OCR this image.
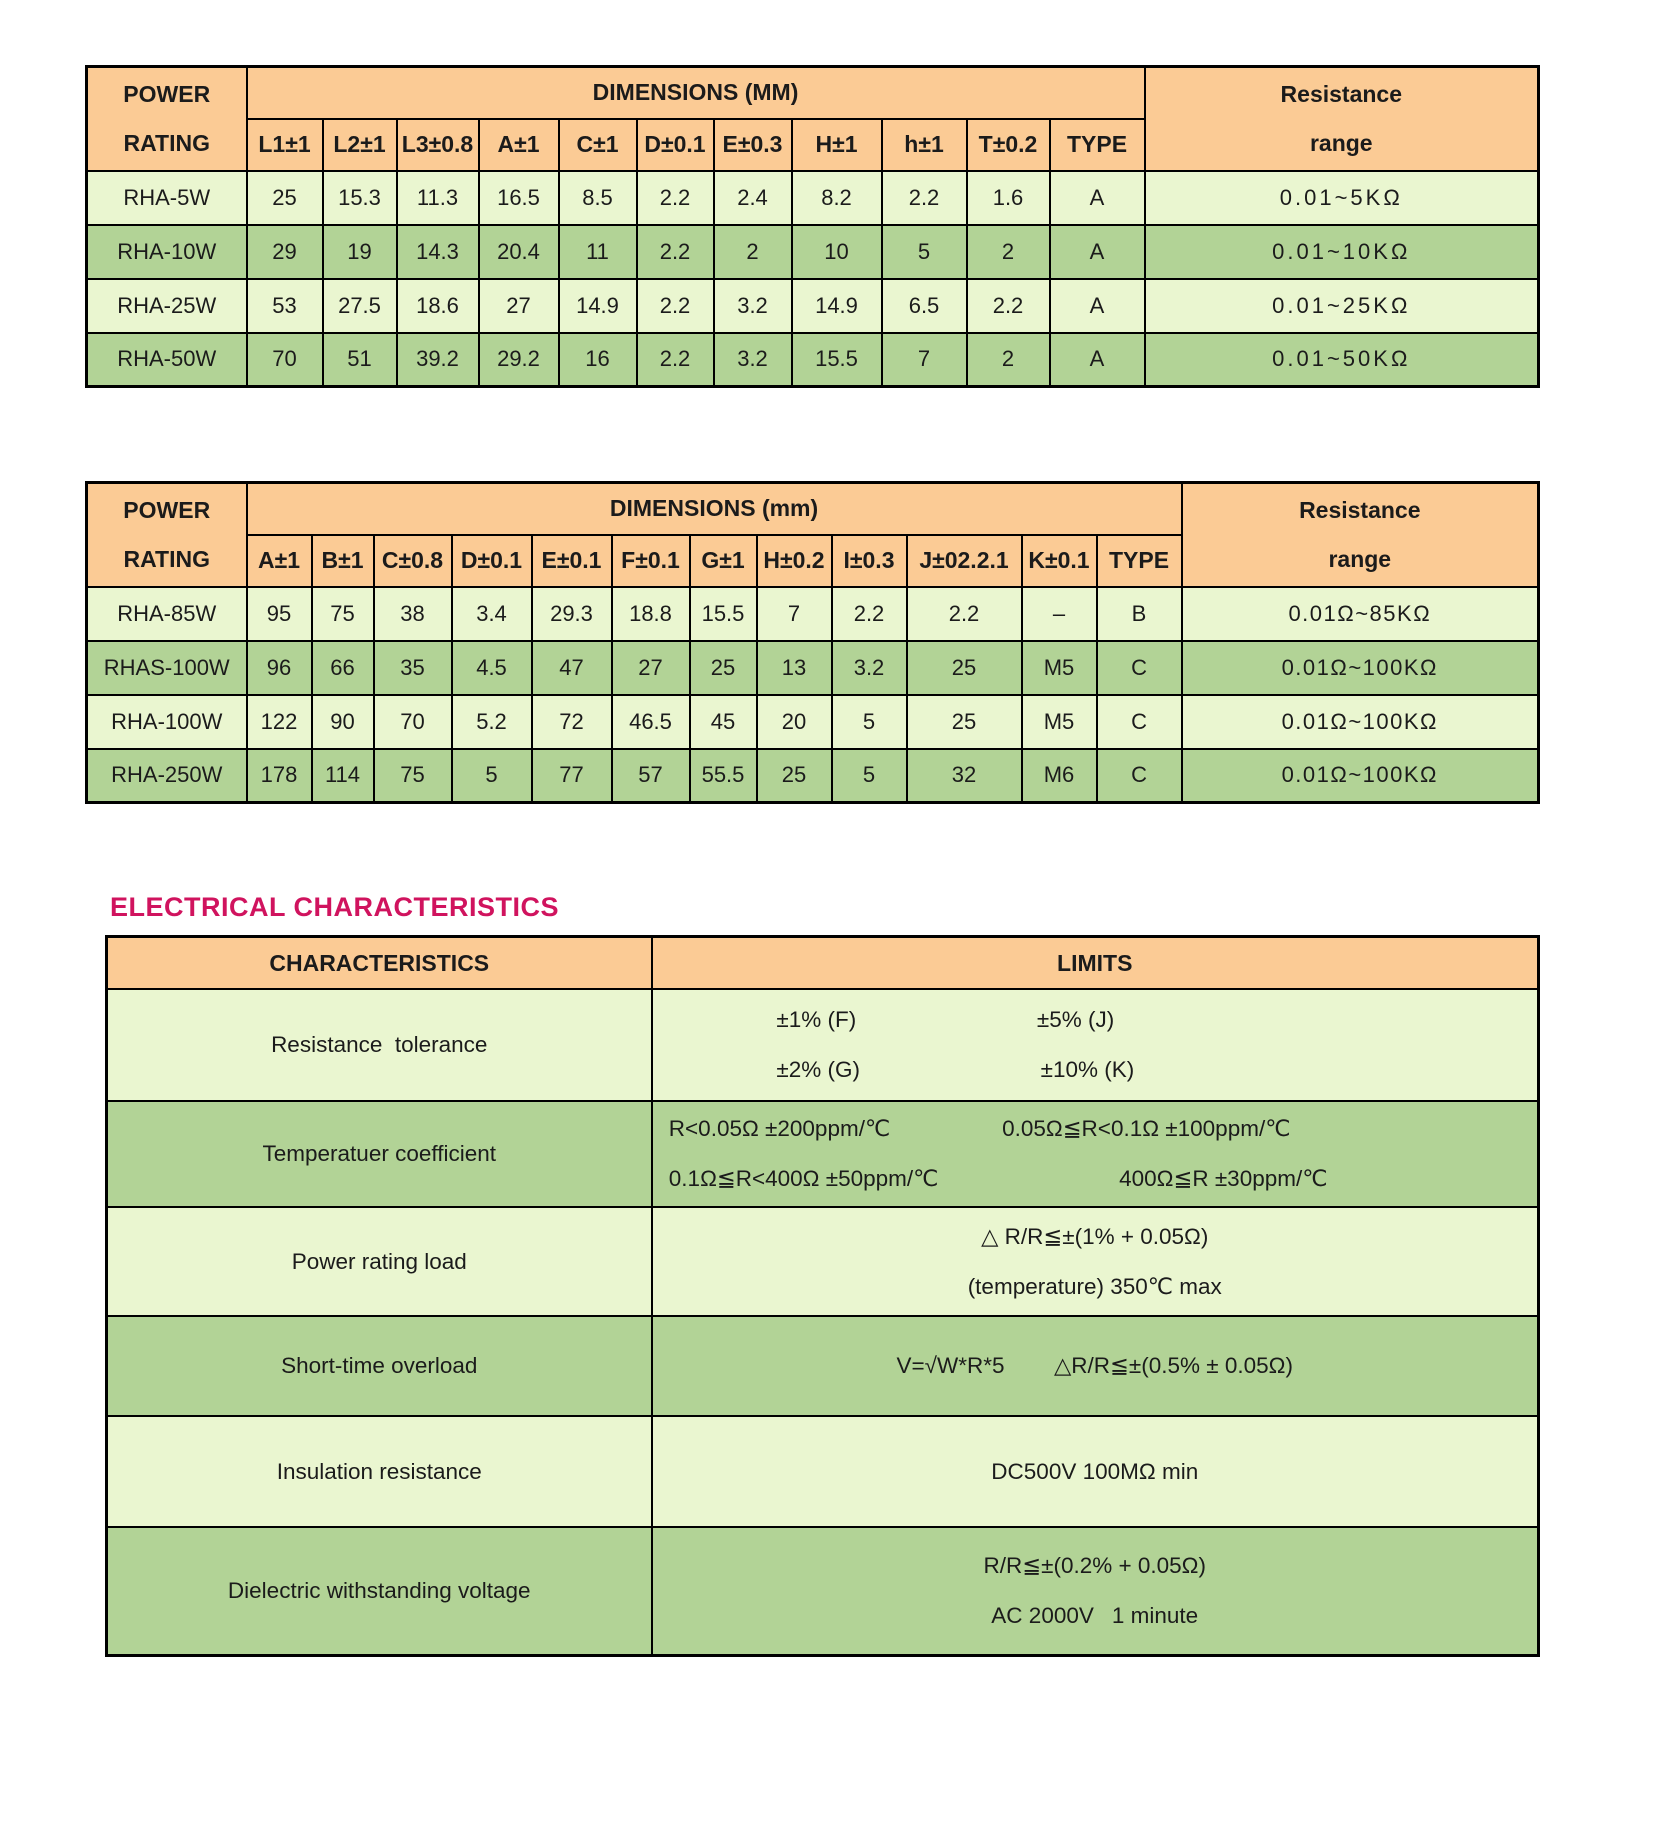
POWER
RATING
	DIMENSIONS (MM)	Resistance
range

	L1±1	L2±1	L3±0.8	A±1	C±1	D±0.1	E±0.3	H±1	h±1	T±0.2	TYPE	
RHA-5W	25	15.3	11.3	16.5	8.5	2.2	2.4	8.2	2.2	1.6	A	0.01~5KΩ
RHA-10W	29	19	14.3	20.4	11	2.2	2	10	5	2	A	0.01~10KΩ
RHA-25W	53	27.5	18.6	27	14.9	2.2	3.2	14.9	6.5	2.2	A	0.01~25KΩ
RHA-50W	70	51	39.2	29.2	16	2.2	3.2	15.5	7	2	A	0.01~50KΩ
POWER
RATING
	DIMENSIONS (mm)	Resistance
range

	A±1	B±1	C±0.8	D±0.1	E±0.1	F±0.1	G±1	H±0.2	I±0.3	J±02.2.1	K±0.1	TYPE	
RHA-85W	95	75	38	3.4	29.3	18.8	15.5	7	2.2	2.2	–	B	0.01Ω~85KΩ
RHAS-100W	96	66	35	4.5	47	27	25	13	3.2	25	M5	C	0.01Ω~100KΩ
RHA-100W	122	90	70	5.2	72	46.5	45	20	5	25	M5	C	0.01Ω~100KΩ
RHA-250W	178	114	75	5	77	57	55.5	25	5	32	M6	C	0.01Ω~100KΩ
ELECTRICAL CHARACTERISTICS
CHARACTERISTICS	LIMITS
Resistance  tolerance	±1% (F) ±5% (J)
±2% (G) ±10% (K)

Temperatuer coefficient	R<0.05Ω ±200ppm/℃ 0.05Ω≦R<0.1Ω ±100ppm/℃
0.1Ω≦R<400Ω ±50ppm/℃ 400Ω≦R ±30ppm/℃

Power rating load	△ R/R≦±(1% + 0.05Ω)
(temperature) 350℃ max

Short-time overload	V=√W*R*5 △R/R≦±(0.5% ± 0.05Ω)

Insulation resistance	DC500V 100MΩ min

Dielectric withstanding voltage	R/R≦±(0.2% + 0.05Ω)
AC 2000V 1 minute
